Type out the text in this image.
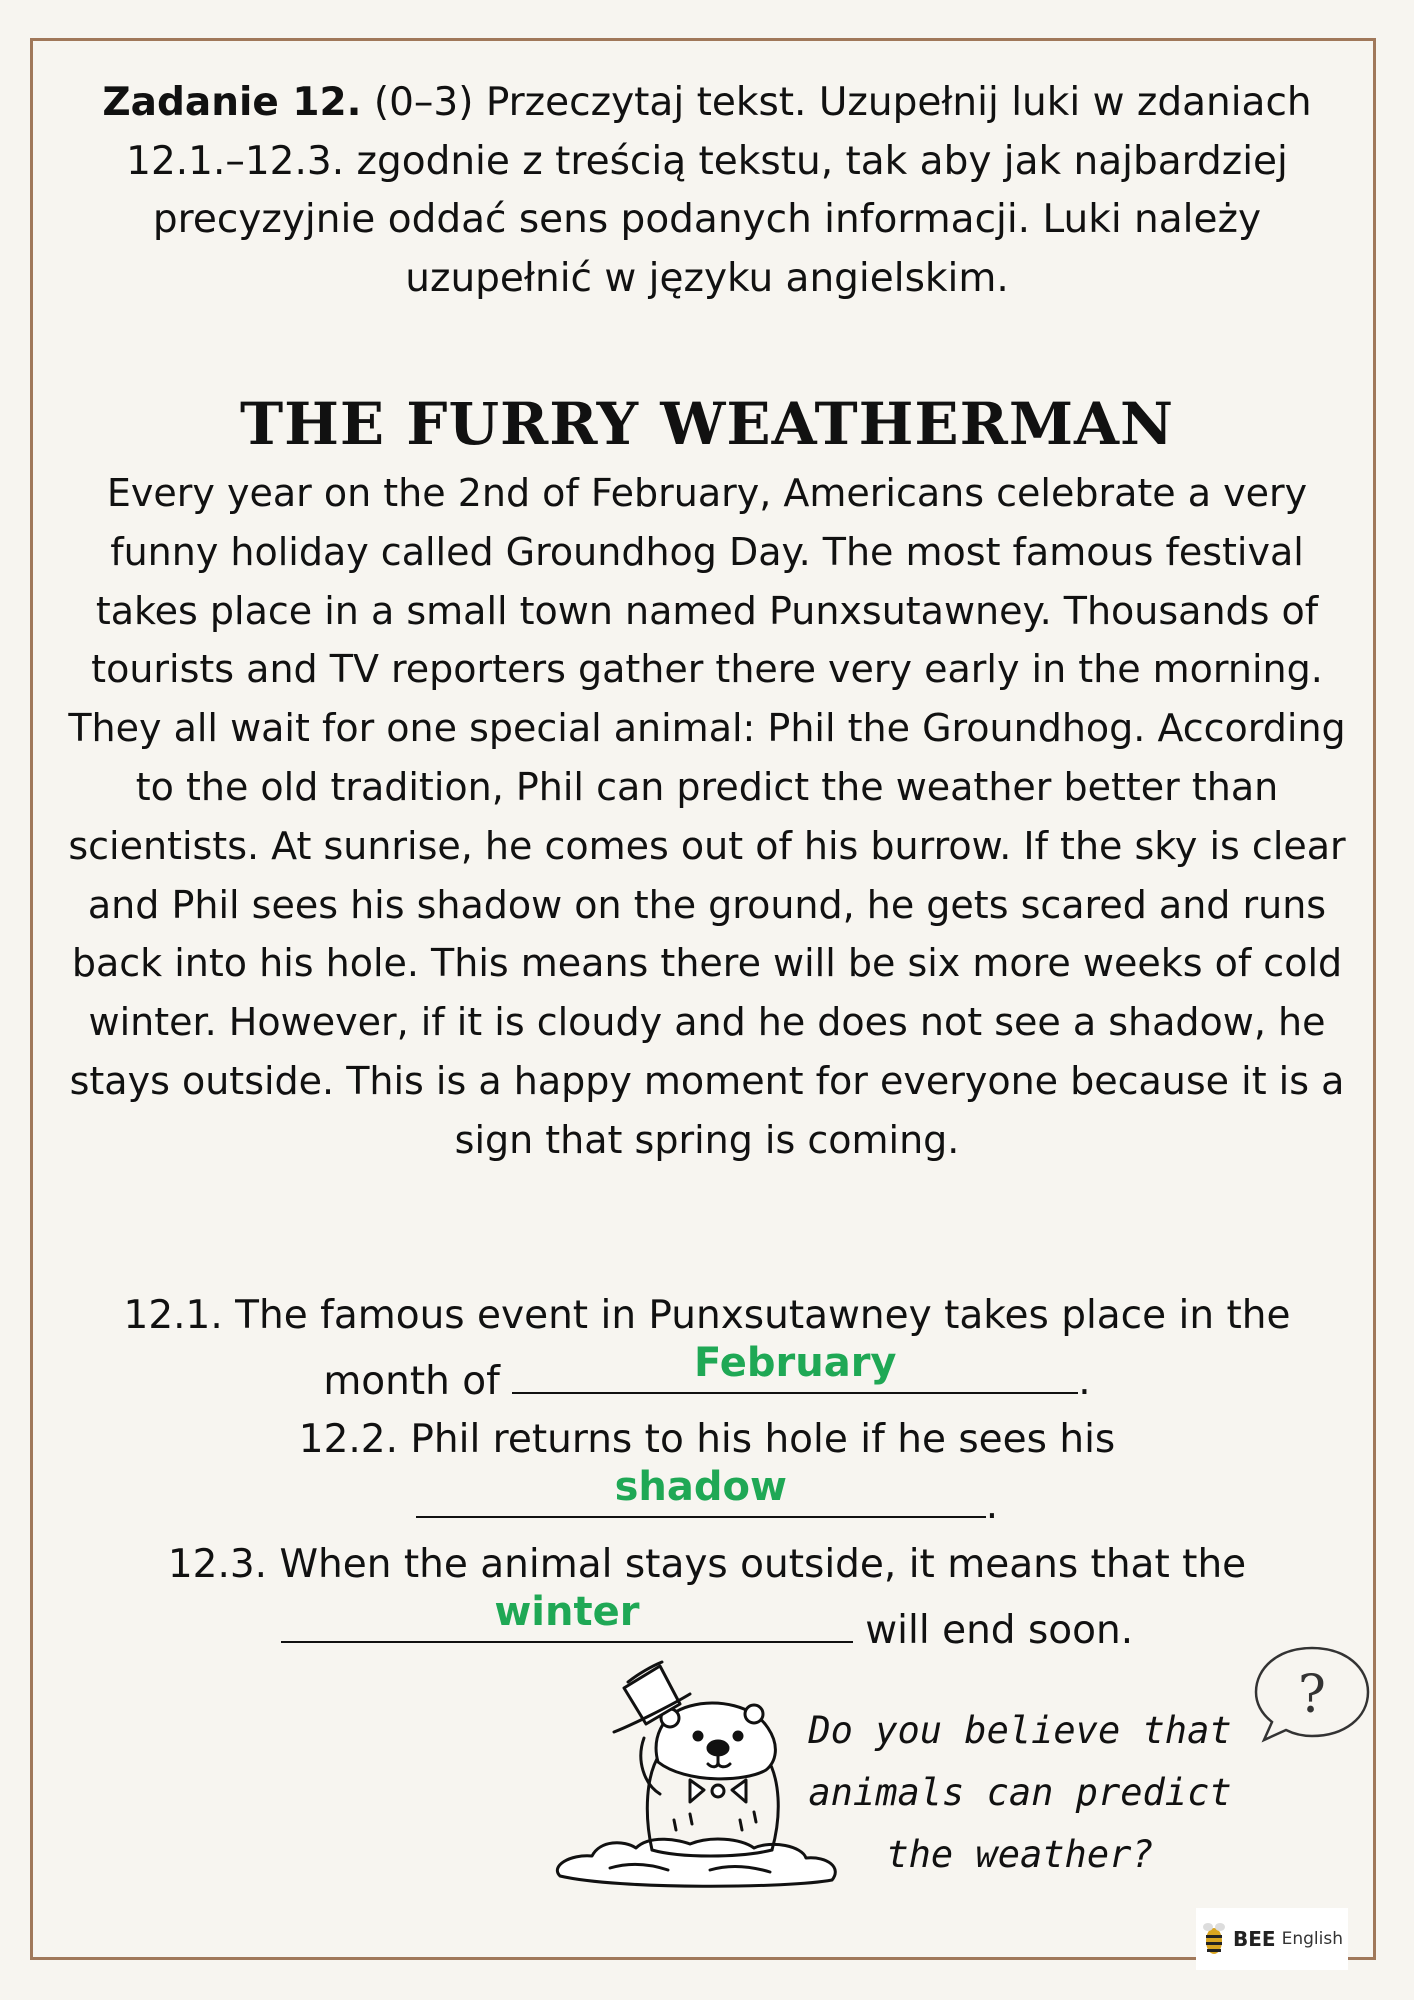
Zadanie 12. (0–3) Przeczytaj tekst. Uzupełnij luki w zdaniach 12.1.–12.3. zgodnie z treścią tekstu, tak aby jak najbardziej precyzyjnie oddać sens podanych informacji. Luki należy uzupełnić w języku angielskim.
THE FURRY WEATHERMAN
Every year on the 2nd of February, Americans celebrate a very funny holiday called Groundhog Day. The most famous festival takes place in a small town named Punxsutawney. Thousands of tourists and TV reporters gather there very early in the morning. They all wait for one special animal: Phil the Groundhog. According to the old tradition, Phil can predict the weather better than scientists. At sunrise, he comes out of his burrow. If the sky is clear and Phil sees his shadow on the ground, he gets scared and runs back into his hole. This means there will be six more weeks of cold winter. However, if it is cloudy and he does not see a shadow, he stays outside. This is a happy moment for everyone because it is a sign that spring is coming.
12.1. The famous event in Punxsutawney takes place in the
month of	February	.
12.2. Phil returns to his hole if he sees his
shadow	.
12.3. When the animal stays outside, it means that the
winter	will end soon.
Do you believe that
animals can predict
the weather?
?
BEE English
